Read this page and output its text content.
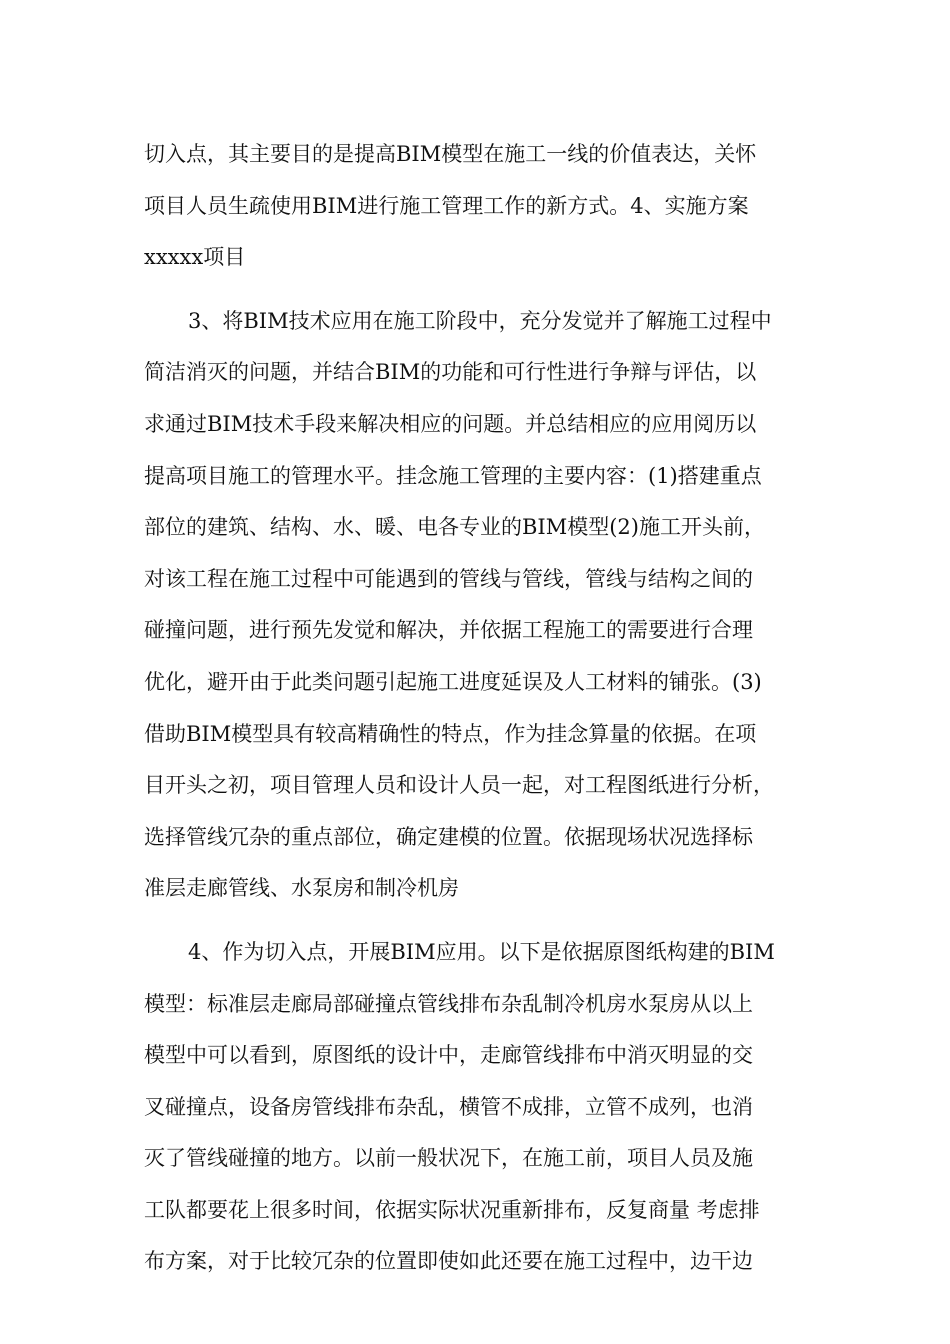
切入点，其主要目的是提高BIM模型在施工一线的价值表达，关怀
项目人员生疏使用BIM进行施工管理工作的新方式。4、实施方案
xxxxx项目
3、将BIM技术应用在施工阶段中，充分发觉并了解施工过程中
简洁消灭的问题，并结合BIM的功能和可行性进行争辩与评估，以
求通过BIM技术手段来解决相应的问题。并总结相应的应用阅历以
提高项目施工的管理水平。挂念施工管理的主要内容：(1)搭建重点
部位的建筑、结构、水、暖、电各专业的BIM模型(2)施工开头前，
对该工程在施工过程中可能遇到的管线与管线，管线与结构之间的
碰撞问题，进行预先发觉和解决，并依据工程施工的需要进行合理
优化，避开由于此类问题引起施工进度延误及人工材料的铺张。(3)
借助BIM模型具有较高精确性的特点，作为挂念算量的依据。在项
目开头之初，项目管理人员和设计人员一起，对工程图纸进行分析，
选择管线冗杂的重点部位，确定建模的位置。依据现场状况选择标
准层走廊管线、水泵房和制冷机房
4、作为切入点，开展BIM应用。以下是依据原图纸构建的BIM
模型：标准层走廊局部碰撞点管线排布杂乱制冷机房水泵房从以上
模型中可以看到，原图纸的设计中，走廊管线排布中消灭明显的交
叉碰撞点，设备房管线排布杂乱，横管不成排，立管不成列，也消
灭了管线碰撞的地方。以前一般状况下，在施工前，项目人员及施
工队都要花上很多时间，依据实际状况重新排布，反复商量 考虑排
布方案，对于比较冗杂的位置即使如此还要在施工过程中，边干边
